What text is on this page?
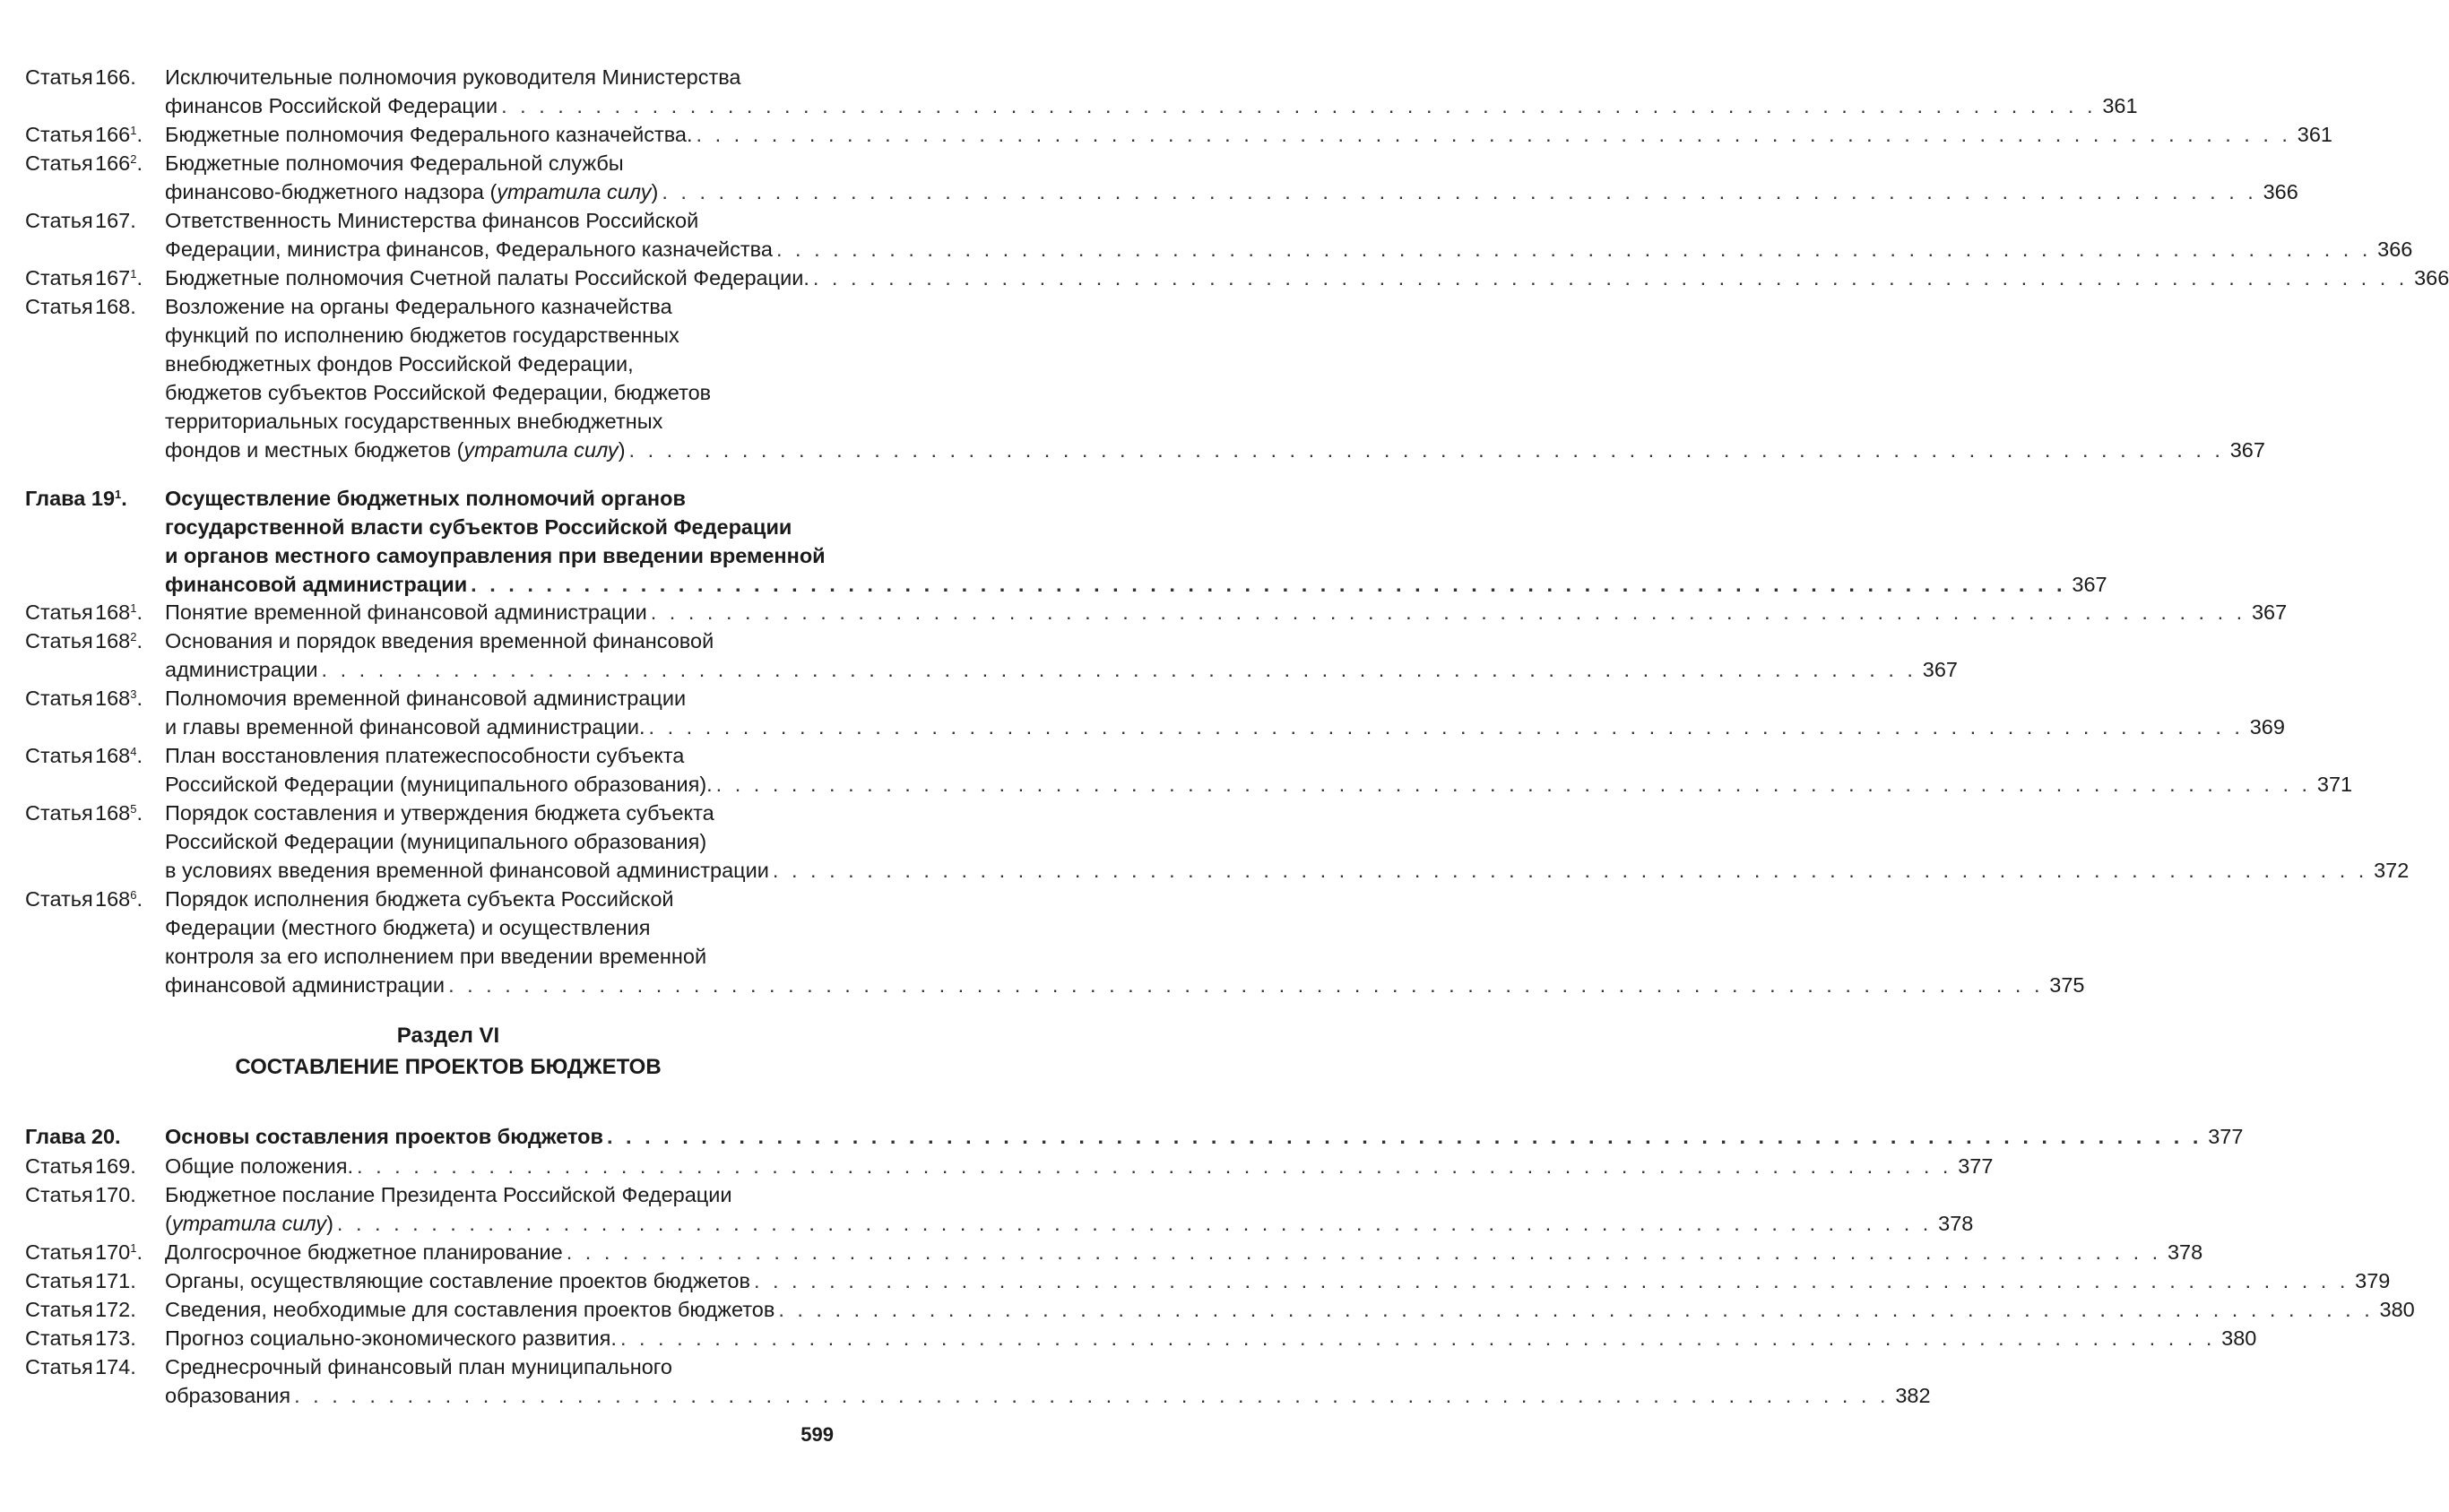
Статья 166. Исключительные полномочия руководителя Министерства
финансов Российской Федерации . . . . . . . . . . . . . . . . . . . . . . . . . . . . . . . . . . . . . . . . . . . . . . . . . . . . . . . . . . . . . . . . . . . . . . . . . . . . . . . . . . . . . 361
Статья $166^1$. Бюджетные полномочия Федерального казначейства. . . . . . . . . . . . . . . . . . . . . . . . . . . . . . . . . . . . . . . . . . . . . . . . . . . . . . . . . . . . . . . . . . . . . . . . . . . . . . . . . . . . . . 361
Статья $166^2$. Бюджетные полномочия Федеральной службы
финансово-бюджетного надзора (утратила силу) . . . . . . . . . . . . . . . . . . . . . . . . . . . . . . . . . . . . . . . . . . . . . . . . . . . . . . . . . . . . . . . . . . . . . . . . . . . . . . . . . . . . . 366
Статья 167. Ответственность Министерства финансов Российской
Федерации, министра финансов, Федерального казначейства . . . . . . . . . . . . . . . . . . . . . . . . . . . . . . . . . . . . . . . . . . . . . . . . . . . . . . . . . . . . . . . . . . . . . . . . . . . . . . . . . . . . . 366
Статья $167^1$. Бюджетные полномочия Счетной палаты Российской Федерации. . . . . . . . . . . . . . . . . . . . . . . . . . . . . . . . . . . . . . . . . . . . . . . . . . . . . . . . . . . . . . . . . . . . . . . . . . . . . . . . . . . . . . 366
Статья 168. Возложение на органы Федерального казначейства
функций по исполнению бюджетов государственных
внебюджетных фондов Российской Федерации,
бюджетов субъектов Российской Федерации, бюджетов
территориальных государственных внебюджетных
фондов и местных бюджетов (утратила силу) . . . . . . . . . . . . . . . . . . . . . . . . . . . . . . . . . . . . . . . . . . . . . . . . . . . . . . . . . . . . . . . . . . . . . . . . . . . . . . . . . . . . . 367
Глава $19^1$. Осуществление бюджетных полномочий органов
государственной власти субъектов Российской Федерации
и органов местного самоуправления при введении временной
финансовой администрации . . . . . . . . . . . . . . . . . . . . . . . . . . . . . . . . . . . . . . . . . . . . . . . . . . . . . . . . . . . . . . . . . . . . . . . . . . . . . . . . . . . . . 367
Статья $168^1$. Понятие временной финансовой администрации . . . . . . . . . . . . . . . . . . . . . . . . . . . . . . . . . . . . . . . . . . . . . . . . . . . . . . . . . . . . . . . . . . . . . . . . . . . . . . . . . . . . . 367
Статья $168^2$. Основания и порядок введения временной финансовой
администрации . . . . . . . . . . . . . . . . . . . . . . . . . . . . . . . . . . . . . . . . . . . . . . . . . . . . . . . . . . . . . . . . . . . . . . . . . . . . . . . . . . . . . 367
Статья $168^3$. Полномочия временной финансовой администрации
и главы временной финансовой администрации. . . . . . . . . . . . . . . . . . . . . . . . . . . . . . . . . . . . . . . . . . . . . . . . . . . . . . . . . . . . . . . . . . . . . . . . . . . . . . . . . . . . . . 369
Статья $168^4$. План восстановления платежеспособности субъекта
Российской Федерации (муниципального образования). . . . . . . . . . . . . . . . . . . . . . . . . . . . . . . . . . . . . . . . . . . . . . . . . . . . . . . . . . . . . . . . . . . . . . . . . . . . . . . . . . . . . . 371
Статья $168^5$. Порядок составления и утверждения бюджета субъекта
Российской Федерации (муниципального образования)
в условиях введения временной финансовой администрации . . . . . . . . . . . . . . . . . . . . . . . . . . . . . . . . . . . . . . . . . . . . . . . . . . . . . . . . . . . . . . . . . . . . . . . . . . . . . . . . . . . . . 372
Статья $168^6$. Порядок исполнения бюджета субъекта Российской
Федерации (местного бюджета) и осуществления
контроля за его исполнением при введении временной
финансовой администрации . . . . . . . . . . . . . . . . . . . . . . . . . . . . . . . . . . . . . . . . . . . . . . . . . . . . . . . . . . . . . . . . . . . . . . . . . . . . . . . . . . . . . 375
Раздел VI
СОСТАВЛЕНИЕ ПРОЕКТОВ БЮДЖЕТОВ
Глава 20. Основы составления проектов бюджетов . . . . . . . . . . . . . . . . . . . . . . . . . . . . . . . . . . . . . . . . . . . . . . . . . . . . . . . . . . . . . . . . . . . . . . . . . . . . . . . . . . . . . 377
Статья 169. Общие положения. . . . . . . . . . . . . . . . . . . . . . . . . . . . . . . . . . . . . . . . . . . . . . . . . . . . . . . . . . . . . . . . . . . . . . . . . . . . . . . . . . . . . . 377
Статья 170. Бюджетное послание Президента Российской Федерации
(утратила силу) . . . . . . . . . . . . . . . . . . . . . . . . . . . . . . . . . . . . . . . . . . . . . . . . . . . . . . . . . . . . . . . . . . . . . . . . . . . . . . . . . . . . . 378
Статья $170^1$. Долгосрочное бюджетное планирование . . . . . . . . . . . . . . . . . . . . . . . . . . . . . . . . . . . . . . . . . . . . . . . . . . . . . . . . . . . . . . . . . . . . . . . . . . . . . . . . . . . . . 378
Статья 171. Органы, осуществляющие составление проектов бюджетов . . . . . . . . . . . . . . . . . . . . . . . . . . . . . . . . . . . . . . . . . . . . . . . . . . . . . . . . . . . . . . . . . . . . . . . . . . . . . . . . . . . . . 379
Статья 172. Сведения, необходимые для составления проектов бюджетов . . . . . . . . . . . . . . . . . . . . . . . . . . . . . . . . . . . . . . . . . . . . . . . . . . . . . . . . . . . . . . . . . . . . . . . . . . . . . . . . . . . . . 380
Статья 173. Прогноз социально-экономического развития. . . . . . . . . . . . . . . . . . . . . . . . . . . . . . . . . . . . . . . . . . . . . . . . . . . . . . . . . . . . . . . . . . . . . . . . . . . . . . . . . . . . . . 380
Статья 174. Среднесрочный финансовый план муниципального
образования . . . . . . . . . . . . . . . . . . . . . . . . . . . . . . . . . . . . . . . . . . . . . . . . . . . . . . . . . . . . . . . . . . . . . . . . . . . . . . . . . . . . . 382
599
